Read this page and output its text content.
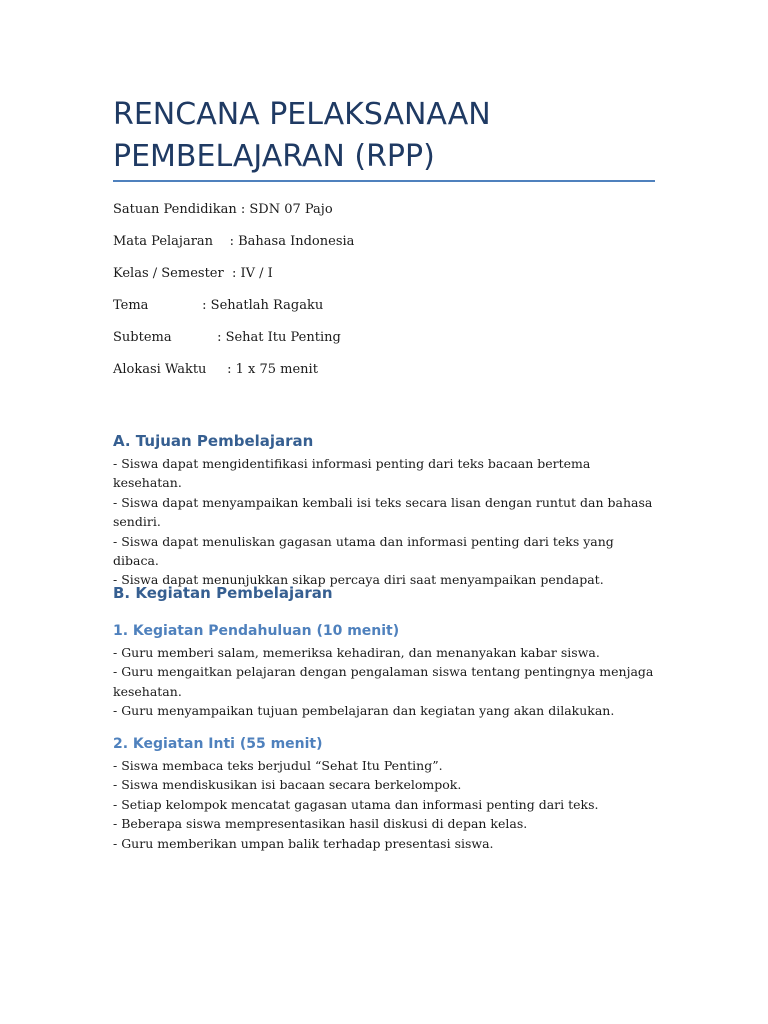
RENCANA PELAKSANAAN PEMBELAJARAN (RPP)
Satuan Pendidikan : SDN 07 Pajo
Mata Pelajaran    : Bahasa Indonesia
Kelas / Semester  : IV / I
Tema             : Sehatlah Ragaku
Subtema           : Sehat Itu Penting
Alokasi Waktu     : 1 x 75 menit
A. Tujuan Pembelajaran
- Siswa dapat mengidentifikasi informasi penting dari teks bacaan bertema kesehatan.
- Siswa dapat menyampaikan kembali isi teks secara lisan dengan runtut dan bahasa sendiri.
- Siswa dapat menuliskan gagasan utama dan informasi penting dari teks yang dibaca.
- Siswa dapat menunjukkan sikap percaya diri saat menyampaikan pendapat.
B. Kegiatan Pembelajaran
1. Kegiatan Pendahuluan (10 menit)
- Guru memberi salam, memeriksa kehadiran, dan menanyakan kabar siswa.
- Guru mengaitkan pelajaran dengan pengalaman siswa tentang pentingnya menjaga kesehatan.
- Guru menyampaikan tujuan pembelajaran dan kegiatan yang akan dilakukan.
2. Kegiatan Inti (55 menit)
- Siswa membaca teks berjudul “Sehat Itu Penting”.
- Siswa mendiskusikan isi bacaan secara berkelompok.
- Setiap kelompok mencatat gagasan utama dan informasi penting dari teks.
- Beberapa siswa mempresentasikan hasil diskusi di depan kelas.
- Guru memberikan umpan balik terhadap presentasi siswa.
